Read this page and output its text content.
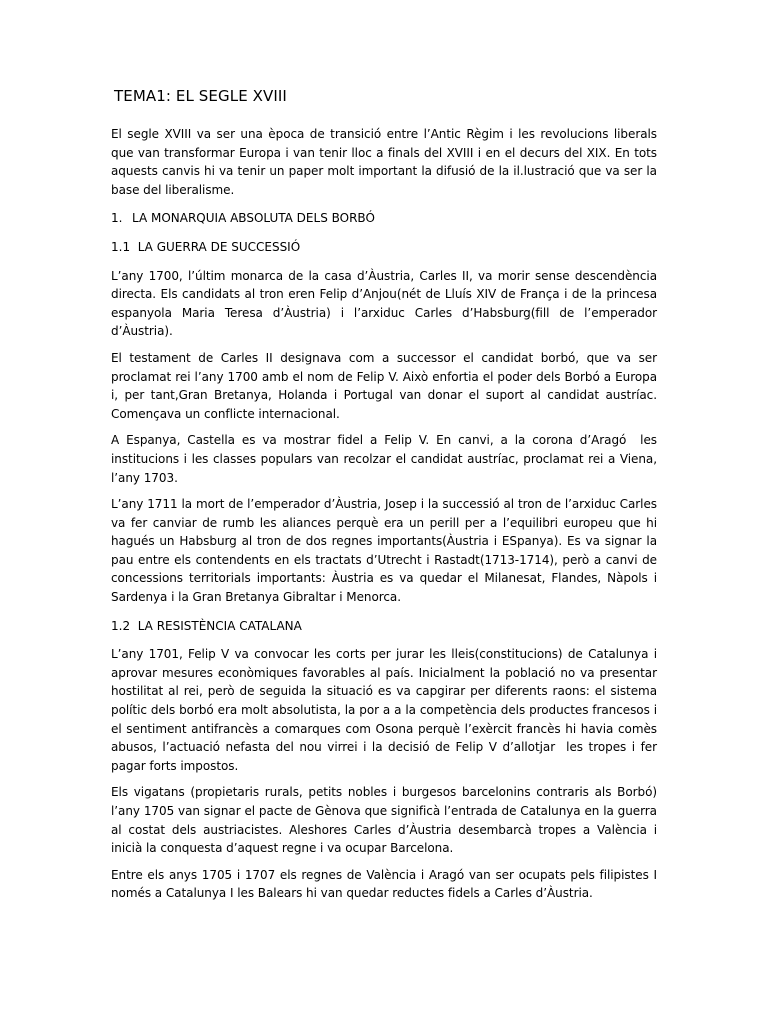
TEMA1: EL SEGLE XVIII

El segle XVIII va ser una època de transició entre l’Antic Règim i les revolucions liberals que van transformar Europa i van tenir lloc a finals del XVIII i en el decurs del XIX. En tots aquests canvis hi va tenir un paper molt important la difusió de la il.lustració que va ser la base del liberalisme.

1. LA MONARQUIA ABSOLUTA DELS BORBÓ
1.1  LA GUERRA DE SUCCESSIÓ

L’any 1700, l’últim monarca de la casa d’Àustria, Carles II, va morir sense descendència directa. Els candidats al tron eren Felip d’Anjou(nét de Lluís XIV de França i de la princesa espanyola Maria Teresa d’Àustria) i l’arxiduc Carles d’Habsburg(fill de l’emperador d’Àustria).

El testament de Carles II designava com a successor el candidat borbó, que va ser proclamat rei l’any 1700 amb el nom de Felip V. Això enfortia el poder dels Borbó a Europa i, per tant,Gran Bretanya, Holanda i Portugal van donar el suport al candidat austríac. Començava un conflicte internacional.

A Espanya, Castella es va mostrar fidel a Felip V. En canvi, a la corona d’Aragó  les institucions i les classes populars van recolzar el candidat austríac, proclamat rei a Viena, l’any 1703.

L’any 1711 la mort de l’emperador d’Àustria, Josep i la successió al tron de l’arxiduc Carles va fer canviar de rumb les aliances perquè era un perill per a l’equilibri europeu que hi hagués un Habsburg al tron de dos regnes importants(Àustria i ESpanya). Es va signar la pau entre els contendents en els tractats d’Utrecht i Rastadt(1713-1714), però a canvi de concessions territorials importants: Àustria es va quedar el Milanesat, Flandes, Nàpols i Sardenya i la Gran Bretanya Gibraltar i Menorca.

1.2  LA RESISTÈNCIA CATALANA

L’any 1701, Felip V va convocar les corts per jurar les lleis(constitucions) de Catalunya i aprovar mesures econòmiques favorables al país. Inicialment la població no va presentar hostilitat al rei, però de seguida la situació es va capgirar per diferents raons: el sistema polític dels borbó era molt absolutista, la por a a la competència dels productes francesos i el sentiment antifrancès a comarques com Osona perquè l’exèrcit francès hi havia comès abusos, l’actuació nefasta del nou virrei i la decisió de Felip V d’allotjar  les tropes i fer pagar forts impostos.

Els vigatans (propietaris rurals, petits nobles i burgesos barcelonins contraris als Borbó) l’any 1705 van signar el pacte de Gènova que significà l’entrada de Catalunya en la guerra al costat dels austriacistes. Aleshores Carles d’Àustria desembarcà tropes a València i inicià la conquesta d’aquest regne i va ocupar Barcelona.

Entre els anys 1705 i 1707 els regnes de València i Aragó van ser ocupats pels filipistes I només a Catalunya I les Balears hi van quedar reductes fidels a Carles d’Àustria.
